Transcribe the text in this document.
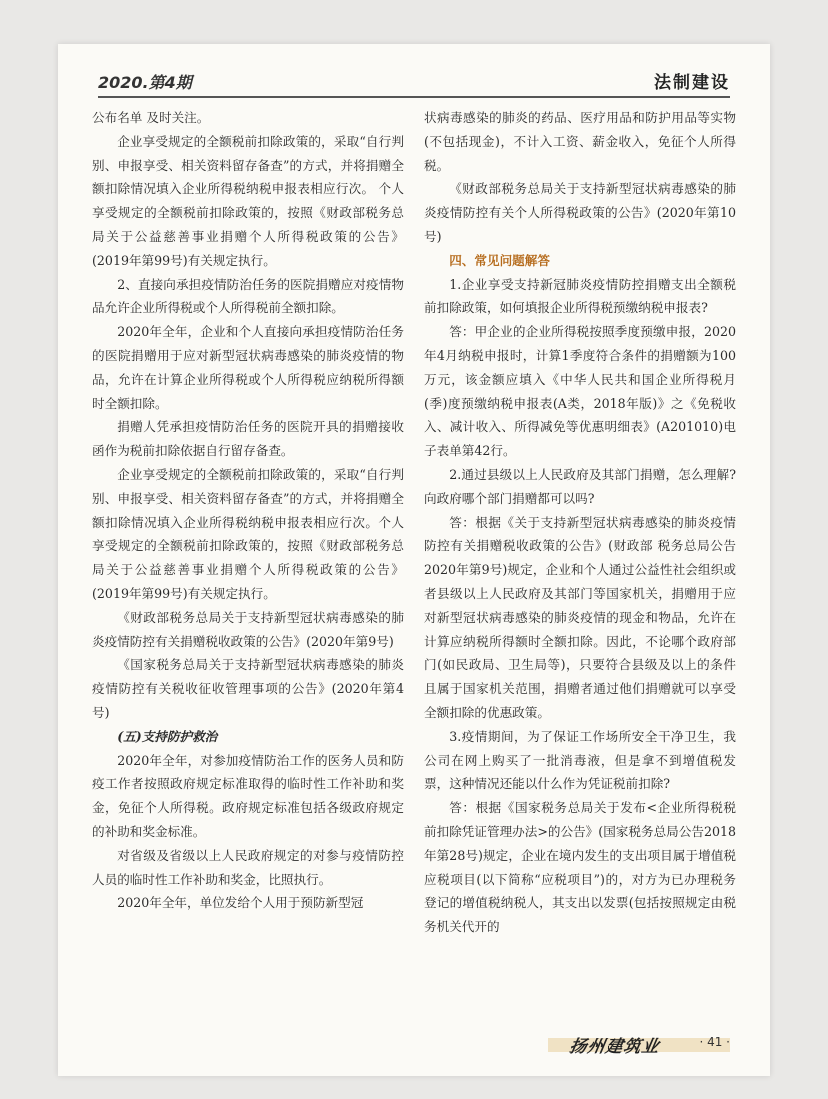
2020.第4期	法制建设

公布名单 及时关注。

企业享受规定的全额税前扣除政策的，采取“自行判别、申报享受、相关资料留存备查”的方式，并将捐赠全额扣除情况填入企业所得税纳税申报表相应行次。 个人享受规定的全额税前扣除政策的，按照《财政部税务总局关于公益慈善事业捐赠个人所得税政策的公告》(2019年第99号)有关规定执行。

2、直接向承担疫情防治任务的医院捐赠应对疫情物品允许企业所得税或个人所得税前全额扣除。

2020年全年，企业和个人直接向承担疫情防治任务的医院捐赠用于应对新型冠状病毒感染的肺炎疫情的物品，允许在计算企业所得税或个人所得税应纳税所得额时全额扣除。

捐赠人凭承担疫情防治任务的医院开具的捐赠接收函作为税前扣除依据自行留存备查。

企业享受规定的全额税前扣除政策的，采取“自行判别、申报享受、相关资料留存备查”的方式，并将捐赠全额扣除情况填入企业所得税纳税申报表相应行次。个人享受规定的全额税前扣除政策的，按照《财政部税务总局关于公益慈善事业捐赠个人所得税政策的公告》(2019年第99号)有关规定执行。

《财政部税务总局关于支持新型冠状病毒感染的肺炎疫情防控有关捐赠税收政策的公告》(2020年第9号)

《国家税务总局关于支持新型冠状病毒感染的肺炎疫情防控有关税收征收管理事项的公告》(2020年第4号)

(五)支持防护救治

2020年全年，对参加疫情防治工作的医务人员和防疫工作者按照政府规定标准取得的临时性工作补助和奖金，免征个人所得税。政府规定标准包括各级政府规定的补助和奖金标准。

对省级及省级以上人民政府规定的对参与疫情防控人员的临时性工作补助和奖金，比照执行。

2020年全年，单位发给个人用于预防新型冠

状病毒感染的肺炎的药品、医疗用品和防护用品等实物(不包括现金)，不计入工资、薪金收入，免征个人所得税。

《财政部税务总局关于支持新型冠状病毒感染的肺炎疫情防控有关个人所得税政策的公告》(2020年第10号)

四、常见问题解答

1.企业享受支持新冠肺炎疫情防控捐赠支出全额税前扣除政策，如何填报企业所得税预缴纳税申报表?

答：甲企业的企业所得税按照季度预缴申报，2020年4月纳税申报时，计算1季度符合条件的捐赠额为100万元，该金额应填入《中华人民共和国企业所得税月(季)度预缴纳税申报表(A类，2018年版)》之《免税收入、减计收入、所得减免等优惠明细表》(A201010)电子表单第42行。

2.通过县级以上人民政府及其部门捐赠，怎么理解?向政府哪个部门捐赠都可以吗?

答：根据《关于支持新型冠状病毒感染的肺炎疫情防控有关捐赠税收政策的公告》(财政部 税务总局公告2020年第9号)规定，企业和个人通过公益性社会组织或者县级以上人民政府及其部门等国家机关，捐赠用于应对新型冠状病毒感染的肺炎疫情的现金和物品，允许在计算应纳税所得额时全额扣除。因此，不论哪个政府部门(如民政局、卫生局等)，只要符合县级及以上的条件且属于国家机关范围，捐赠者通过他们捐赠就可以享受全额扣除的优惠政策。

3.疫情期间，为了保证工作场所安全干净卫生，我公司在网上购买了一批消毒液，但是拿不到增值税发票，这种情况还能以什么作为凭证税前扣除?

答：根据《国家税务总局关于发布<企业所得税税前扣除凭证管理办法>的公告》(国家税务总局公告2018年第28号)规定，企业在境内发生的支出项目属于增值税应税项目(以下简称“应税项目”)的，对方为已办理税务登记的增值税纳税人，其支出以发票(包括按照规定由税务机关代开的

扬州建筑业	· 41 ·
